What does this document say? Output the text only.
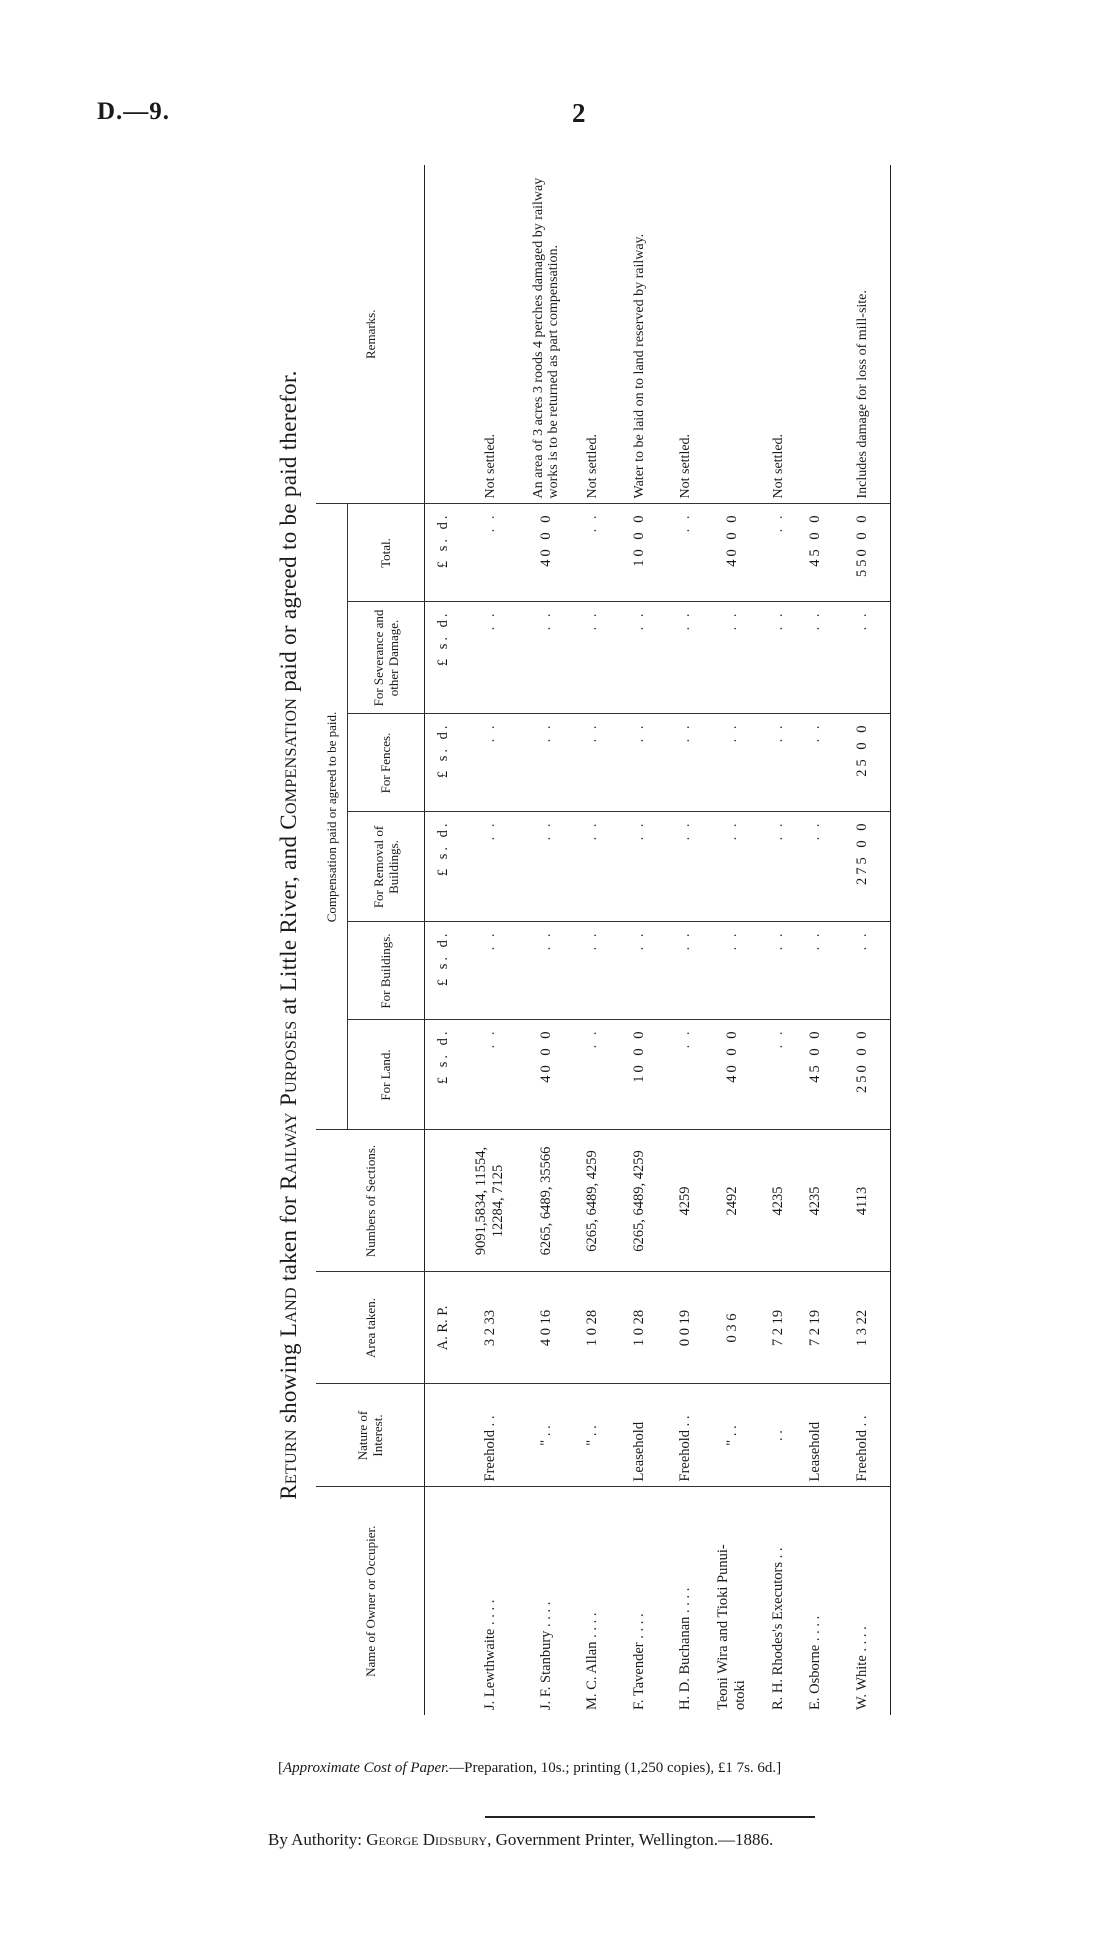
D.—9.	2
Return showing Land taken for Railway Purposes at Little River, and Compensation paid or agreed to be paid therefor.
Name of Owner or Occupier.	Nature of Interest.	Area taken.	Numbers of Sections.	Compensation paid or agreed to be paid.						Remarks.
				For Land.	For Buildings.	For Removal of Buildings.	For Fences.	For Severance and other Damage.	Total.	

		A. R. P.		£ s. d.	£ s. d.	£ s. d.	£ s. d.	£ s. d.	£ s. d.	
J. Lewthwaite . . . .	Freehold . .	3 2 33	9091,5834, 11554, 12284, 7125	. .	. .	. .	. .	. .	. .	Not settled.
J. F. Stanbury . . . .	" . .	4 0 16	6265, 6489, 35566	40 0 0	. .	. .	. .	. .	40 0 0	An area of 3 acres 3 roods 4 perches damaged by railway works is to be returned as part compensation.
M. C. Allan . . . .	" . .	1 0 28	6265, 6489, 4259	. .	. .	. .	. .	. .	. .	Not settled.
F. Tavender . . . .	Leasehold	1 0 28	6265, 6489, 4259	10 0 0	. .	. .	. .	. .	10 0 0	Water to be laid on to land reserved by railway.
H. D. Buchanan . . . .	Freehold . .	0 0 19	4259	. .	. .	. .	. .	. .	. .	Not settled.

Teoni Wira and Tioki Punui- otoki	" . .	0 3 6	2492	40 0 0	. .	. .	. .	. .	40 0 0	
R. H. Rhodes's Executors . .	. .	7 2 19	4235	. .	. .	. .	. .	. .	. .	Not settled.
E. Osborne . . . .	Leasehold	7 2 19	4235	45 0 0	. .	. .	. .	. .	45 0 0	
W. White . . . .	Freehold . .	1 3 22	4113	250 0 0	. .	275 0 0	25 0 0	. .	550 0 0	Includes damage for loss of mill-site.
[Approximate Cost of Paper.—Preparation, 10s.; printing (1,250 copies), £1 7s. 6d.]
By Authority: George Didsbury, Government Printer, Wellington.—1886.
